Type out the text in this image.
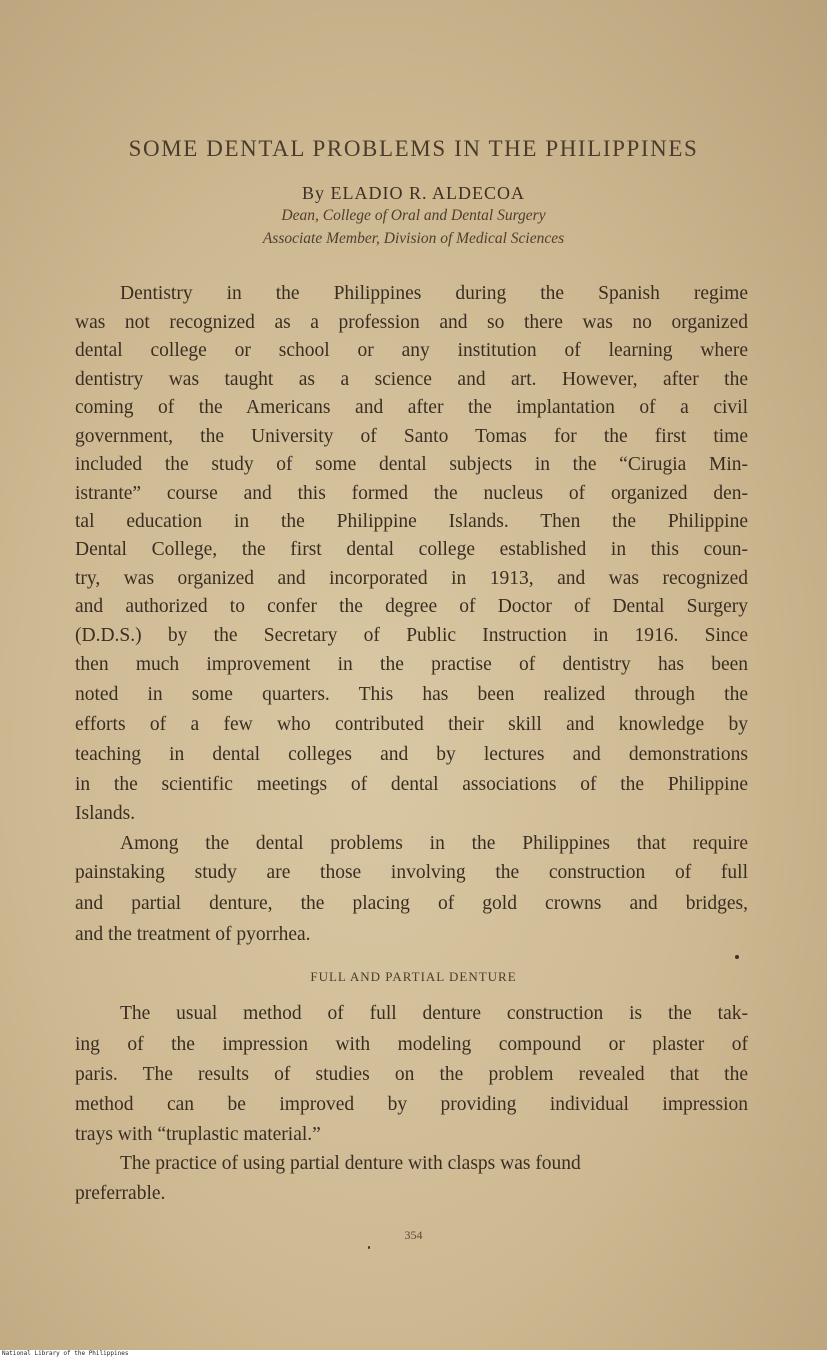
SOME DENTAL PROBLEMS IN THE PHILIPPINES
By ELADIO R. ALDECOA
Dean, College of Oral and Dental Surgery
Associate Member, Division of Medical Sciences
Dentistry in the Philippines during the Spanish regime
was not recognized as a profession and so there was no organized
dental college or school or any institution of learning where
dentistry was taught as a science and art. However, after the
coming of the Americans and after the implantation of a civil
government, the University of Santo Tomas for the first time
included the study of some dental subjects in the “Cirugia Min-
istrante” course and this formed the nucleus of organized den-
tal education in the Philippine Islands. Then the Philippine
Dental College, the first dental college established in this coun-
try, was organized and incorporated in 1913, and was recognized
and authorized to confer the degree of Doctor of Dental Surgery
(D.D.S.) by the Secretary of Public Instruction in 1916. Since
then much improvement in the practise of dentistry has been
noted in some quarters. This has been realized through the
efforts of a few who contributed their skill and knowledge by
teaching in dental colleges and by lectures and demonstrations
in the scientific meetings of dental associations of the Philippine
Islands.
Among the dental problems in the Philippines that require
painstaking study are those involving the construction of full
and partial denture, the placing of gold crowns and bridges,
and the treatment of pyorrhea.
FULL AND PARTIAL DENTURE
The usual method of full denture construction is the tak-
ing of the impression with modeling compound or plaster of
paris. The results of studies on the problem revealed that the
method can be improved by providing individual impression
trays with “truplastic material.”
The practice of using partial denture with clasps was found
preferrable.
354
National Library of the Philippines
